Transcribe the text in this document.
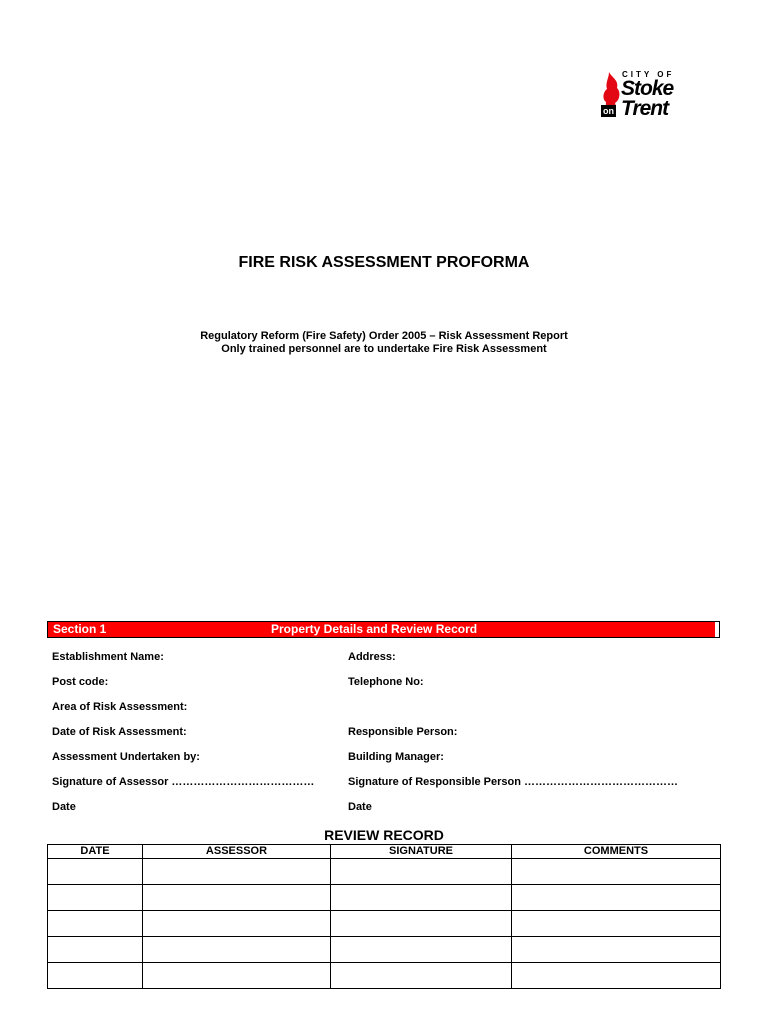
CITY OF
Stoke
on Trent
FIRE RISK ASSESSMENT PROFORMA
Regulatory Reform (Fire Safety) Order 2005 – Risk Assessment Report
Only trained personnel are to undertake Fire Risk Assessment
Section 1	Property Details and Review Record
Establishment Name:	Address:
Post code:	Telephone No:
Area of Risk Assessment:
Date of Risk Assessment:	Responsible Person:
Assessment Undertaken by:	Building Manager:
Signature of Assessor …………………………………	Signature of Responsible Person ……………………………………
Date	Date
REVIEW RECORD
DATE	ASSESSOR	SIGNATURE	COMMENTS
